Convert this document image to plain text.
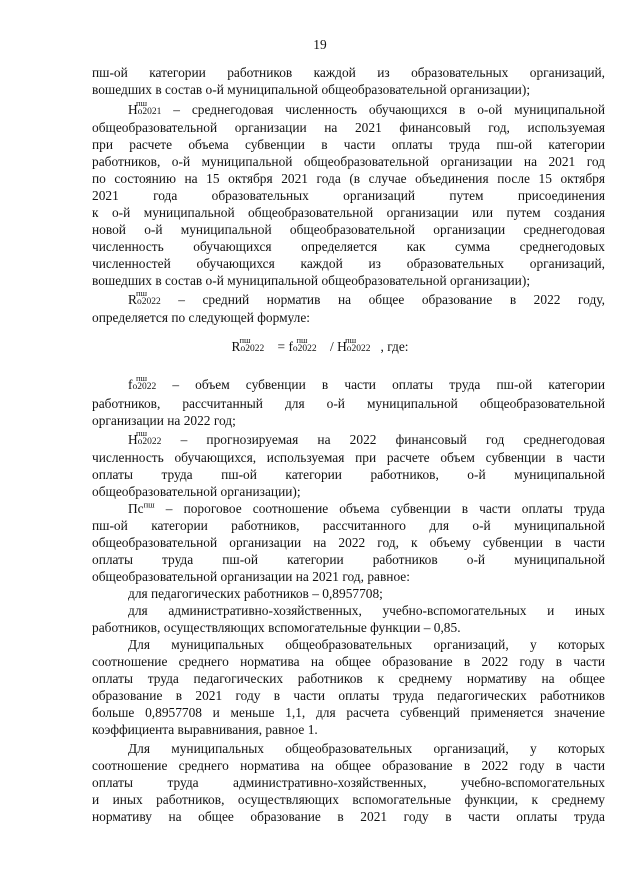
19
пш-ой категории работников каждой из образовательных организаций,
вошедших в состав о-й муниципальной общеобразовательной организации);
Hо2021
пш – среднегодовая численность обучающихся в о-ой муниципальной
общеобразовательной организации на 2021 финансовый год, используемая
при расчете объема субвенции в части оплаты труда пш-ой категории
работников, о-й муниципальной общеобразовательной организации на 2021 год
по состоянию на 15 октября 2021 года (в случае объединения после 15 октября
2021 года образовательных организаций путем присоединения
к о-й муниципальной общеобразовательной организации или путем создания
новой о-й муниципальной общеобразовательной организации среднегодовая
численность обучающихся определяется как сумма среднегодовых
численностей обучающихся каждой из образовательных организаций,
вошедших в состав о-й муниципальной общеобразовательной организации);
Rо2022
пш – средний норматив на общее образование в 2022 году,
определяется по следующей формуле:
fо2022
пш – объем субвенции в части оплаты труда пш-ой категории
работников, рассчитанный для о-й муниципальной общеобразовательной
организации на 2022 год;
Hо2022
пш – прогнозируемая на 2022 финансовый год среднегодовая
численность обучающихся, используемая при расчете объем субвенции в части
оплаты труда пш-ой категории работников, о-й муниципальной
общеобразовательной организации);
$Пс^{пш}$ – пороговое соотношение объема субвенции в части оплаты труда
пш-ой категории работников, рассчитанного для о-й муниципальной
общеобразовательной организации на 2022 год, к объему субвенции в части
оплаты труда пш-ой категории работников о-й муниципальной
общеобразовательной организации на 2021 год, равное:
для педагогических работников – 0,8957708;
для административно-хозяйственных, учебно-вспомогательных и иных
работников, осуществляющих вспомогательные функции – 0,85.
Для муниципальных общеобразовательных организаций, у которых
соотношение среднего норматива на общее образование в 2022 году в части
оплаты труда педагогических работников к среднему нормативу на общее
образование в 2021 году в части оплаты труда педагогических работников
больше 0,8957708 и меньше 1,1, для расчета субвенций применяется значение
коэффициента выравнивания, равное 1.
Для муниципальных общеобразовательных организаций, у которых
соотношение среднего норматива на общее образование в 2022 году в части
оплаты труда административно-хозяйственных, учебно-вспомогательных
и иных работников, осуществляющих вспомогательные функции, к среднему
нормативу на общее образование в 2021 году в части оплаты труда
Rо2022
пш = fо2022
пш / Hо2022
пш , где:
